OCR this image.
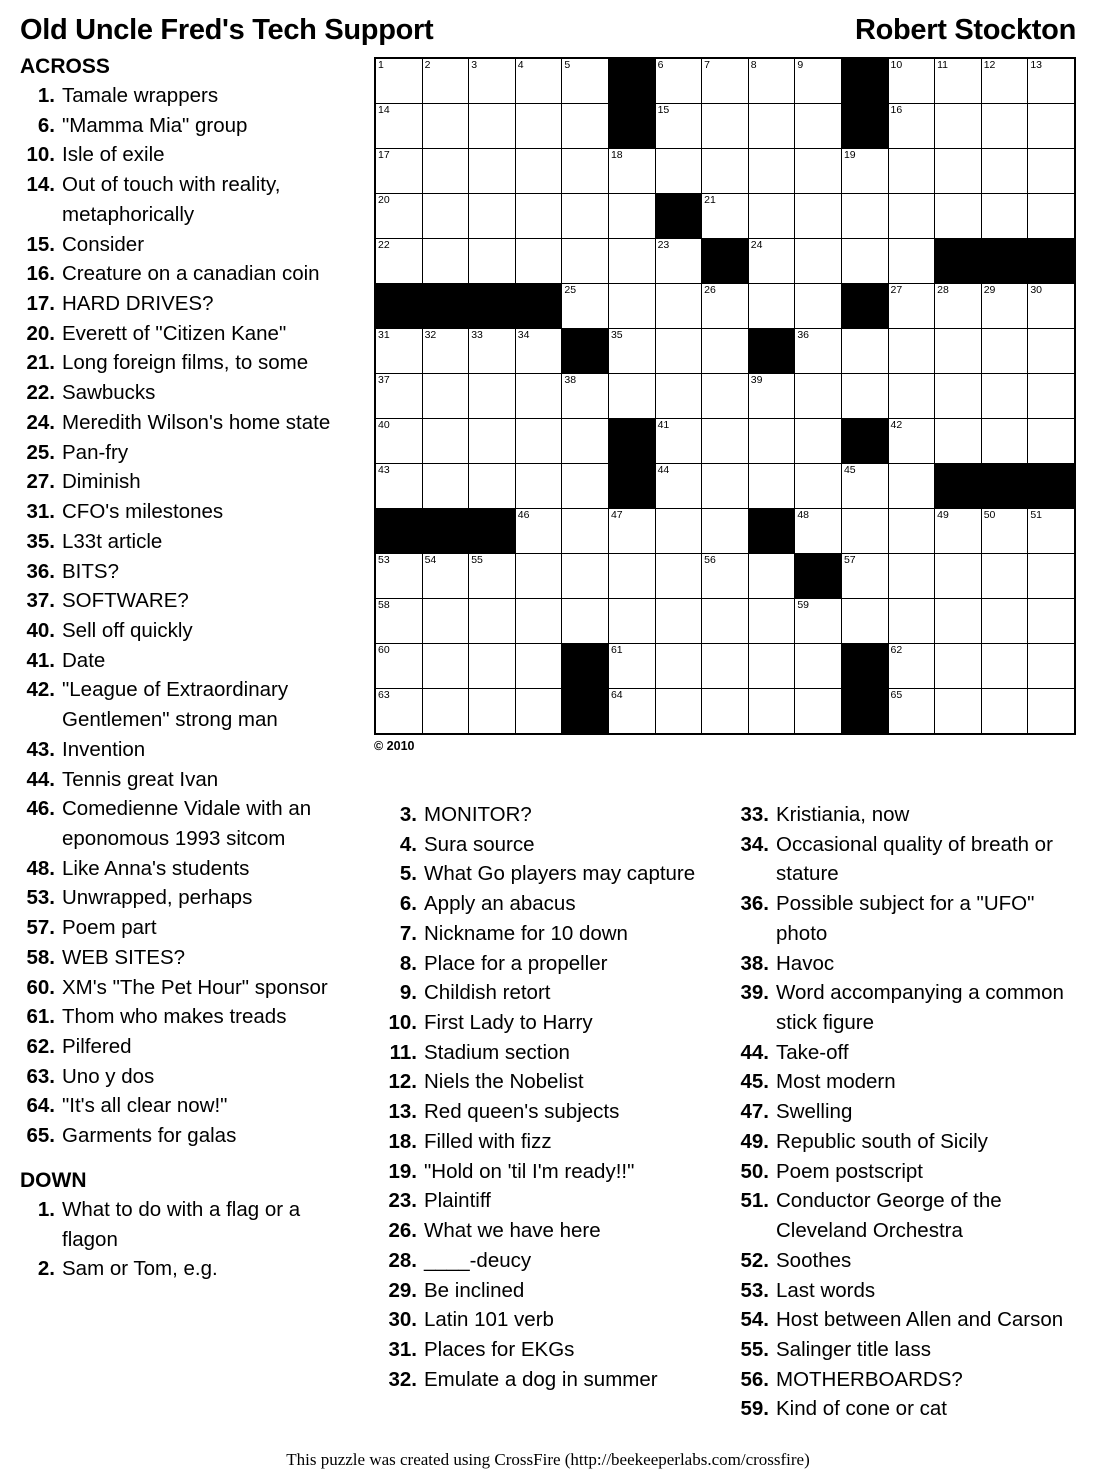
Old Uncle Fred's Tech Support	Robert Stockton
ACROSS
1. Tamale wrappers
6. "Mamma Mia" group
10. Isle of exile
14. Out of touch with reality, metaphorically
15. Consider
16. Creature on a canadian coin
17. HARD DRIVES?
20. Everett of "Citizen Kane"
21. Long foreign films, to some
22. Sawbucks
24. Meredith Wilson's home state
25. Pan-fry
27. Diminish
31. CFO's milestones
35. L33t article
36. BITS?
37. SOFTWARE?
40. Sell off quickly
41. Date
42. "League of Extraordinary Gentlemen" strong man
43. Invention
44. Tennis great Ivan
46. Comedienne Vidale with an eponomous 1993 sitcom
48. Like Anna's students
53. Unwrapped, perhaps
57. Poem part
58. WEB SITES?
60. XM's "The Pet Hour" sponsor
61. Thom who makes treads
62. Pilfered
63. Uno y dos
64. "It's all clear now!"
65. Garments for galas
DOWN
1. What to do with a flag or a flagon
2. Sam or Tom, e.g.
1	2	3	4	5		6	7	8	9		10	11	12	13

14						15					16			

17					18					19				

20							21							

22						23		24						

				25			26				27	28	29	30

31	32	33	34		35				36					

37				38				39						

40						41					42			

43						44				45				

			46		47				48			49	50	51

53	54	55					56			57				

58									59					

60					61						62			

63					64						65			

© 2010
3. MONITOR?
4. Sura source
5. What Go players may capture
6. Apply an abacus
7. Nickname for 10 down
8. Place for a propeller
9. Childish retort
10. First Lady to Harry
11. Stadium section
12. Niels the Nobelist
13. Red queen's subjects
18. Filled with fizz
19. "Hold on 'til I'm ready!!"
23. Plaintiff
26. What we have here
28. ____-deucy
29. Be inclined
30. Latin 101 verb
31. Places for EKGs
32. Emulate a dog in summer
33. Kristiania, now
34. Occasional quality of breath or stature
36. Possible subject for a "UFO" photo
38. Havoc
39. Word accompanying a common stick figure
44. Take-off
45. Most modern
47. Swelling
49. Republic south of Sicily
50. Poem postscript
51. Conductor George of the Cleveland Orchestra
52. Soothes
53. Last words
54. Host between Allen and Carson
55. Salinger title lass
56. MOTHERBOARDS?
59. Kind of cone or cat
This puzzle was created using CrossFire (http://beekeeperlabs.com/crossfire)
